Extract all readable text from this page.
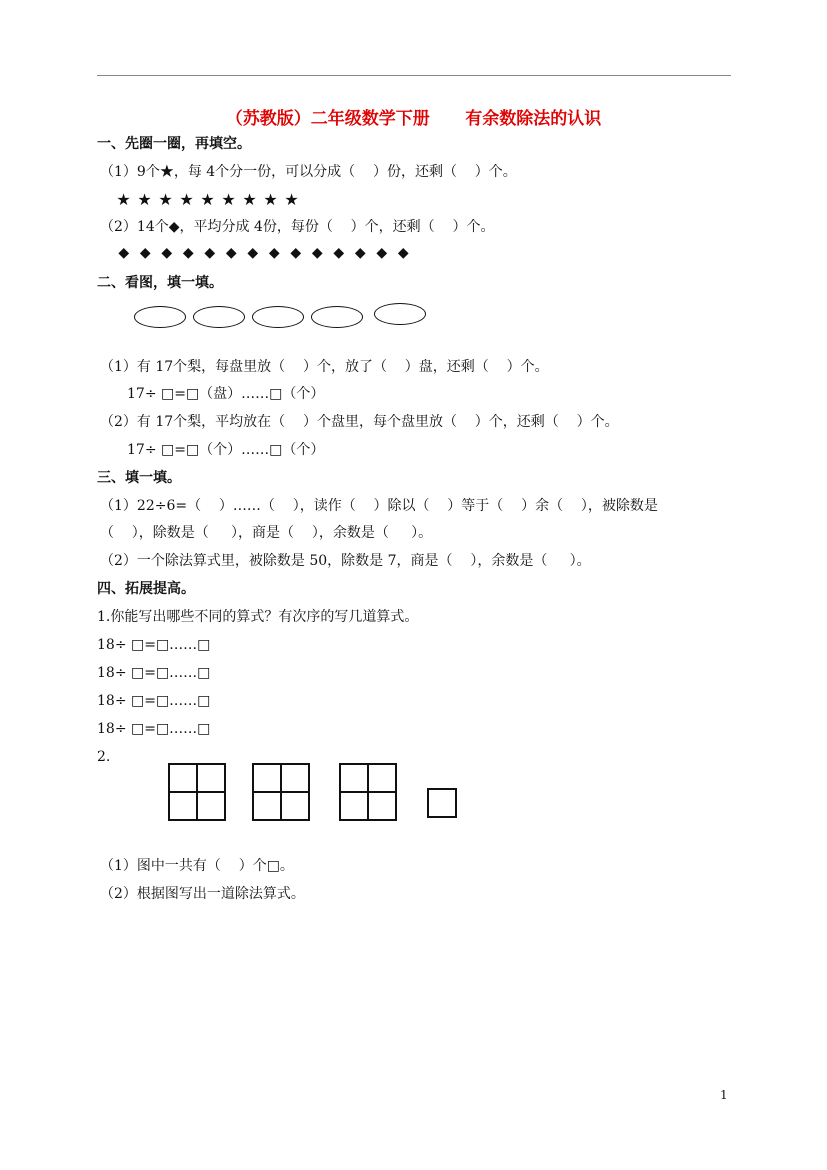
（苏教版）二年级数学下册      有余数除法的认识
一、先圈一圈，再填空。
（1）9个★，每 4个分一份，可以分成（    ）份，还剩（    ）个。
★ ★ ★ ★ ★ ★ ★ ★ ★
（2）14个◆，平均分成 4份，每份（    ）个，还剩（    ）个。
◆ ◆ ◆ ◆ ◆ ◆ ◆ ◆ ◆ ◆ ◆ ◆ ◆ ◆
二、看图，填一填。
（1）有 17个梨，每盘里放（    ）个，放了（    ）盘，还剩（    ）个。
17÷ □=□（盘）……□（个）
（2）有 17个梨，平均放在（    ）个盘里，每个盘里放（    ）个，还剩（    ）个。
17÷ □=□（个）……□（个）
三、填一填。
（1）22÷6=（    ）……（    ），读作（    ）除以（    ）等于（    ）余（    ），被除数是
（    ），除数是（     ），商是（    ），余数是（     ）。
（2）一个除法算式里，被除数是 50，除数是 7，商是（    ），余数是（     ）。
四、拓展提高。
1.你能写出哪些不同的算式？有次序的写几道算式。
18÷ □=□……□
18÷ □=□……□
18÷ □=□……□
18÷ □=□……□
2.
（1）图中一共有（    ）个□。
（2）根据图写出一道除法算式。
1
